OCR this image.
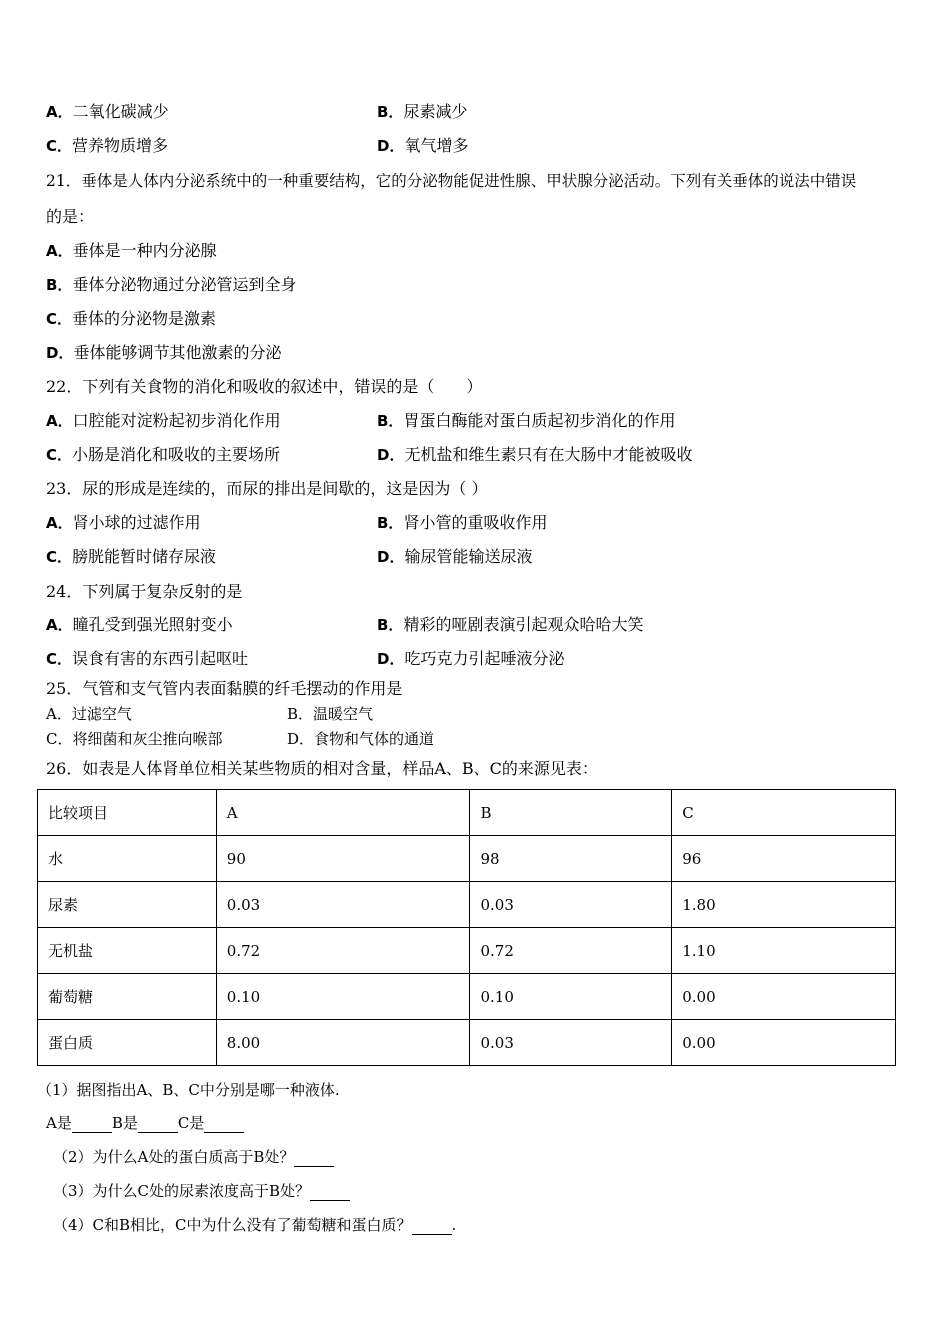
A．二氧化碳减少	B．尿素减少
C．营养物质增多	D．氧气增多
21．垂体是人体内分泌系统中的一种重要结构，它的分泌物能促进性腺、甲状腺分泌活动。下列有关垂体的说法中错误
的是：
A．垂体是一种内分泌腺
B．垂体分泌物通过分泌管运到全身
C．垂体的分泌物是激素
D．垂体能够调节其他激素的分泌
22．下列有关食物的消化和吸收的叙述中，错误的是（　　）
A．口腔能对淀粉起初步消化作用	B．胃蛋白酶能对蛋白质起初步消化的作用
C．小肠是消化和吸收的主要场所	D．无机盐和维生素只有在大肠中才能被吸收
23．尿的形成是连续的，而尿的排出是间歇的，这是因为（ ）
A．肾小球的过滤作用	B．肾小管的重吸收作用
C．膀胱能暂时储存尿液	D．输尿管能输送尿液
24．下列属于复杂反射的是
A．瞳孔受到强光照射变小	B．精彩的哑剧表演引起观众哈哈大笑
C．误食有害的东西引起呕吐	D．吃巧克力引起唾液分泌
25．气管和支气管内表面黏膜的纤毛摆动的作用是
A．过滤空气	B．温暖空气
C．将细菌和灰尘推向喉部	D．食物和气体的通道
26．如表是人体肾单位相关某些物质的相对含量，样品A、B、C的来源见表：
比较项目	A	B	C
水	90	98	96
尿素	0.03	0.03	1.80
无机盐	0.72	0.72	1.10
葡萄糖	0.10	0.10	0.00
蛋白质	8.00	0.03	0.00
（1）据图指出A、B、C中分别是哪一种液体.
A是	B是	C是
（2）为什么A处的蛋白质高于B处？
（3）为什么C处的尿素浓度高于B处？
（4）C和B相比，C中为什么没有了葡萄糖和蛋白质？	.
